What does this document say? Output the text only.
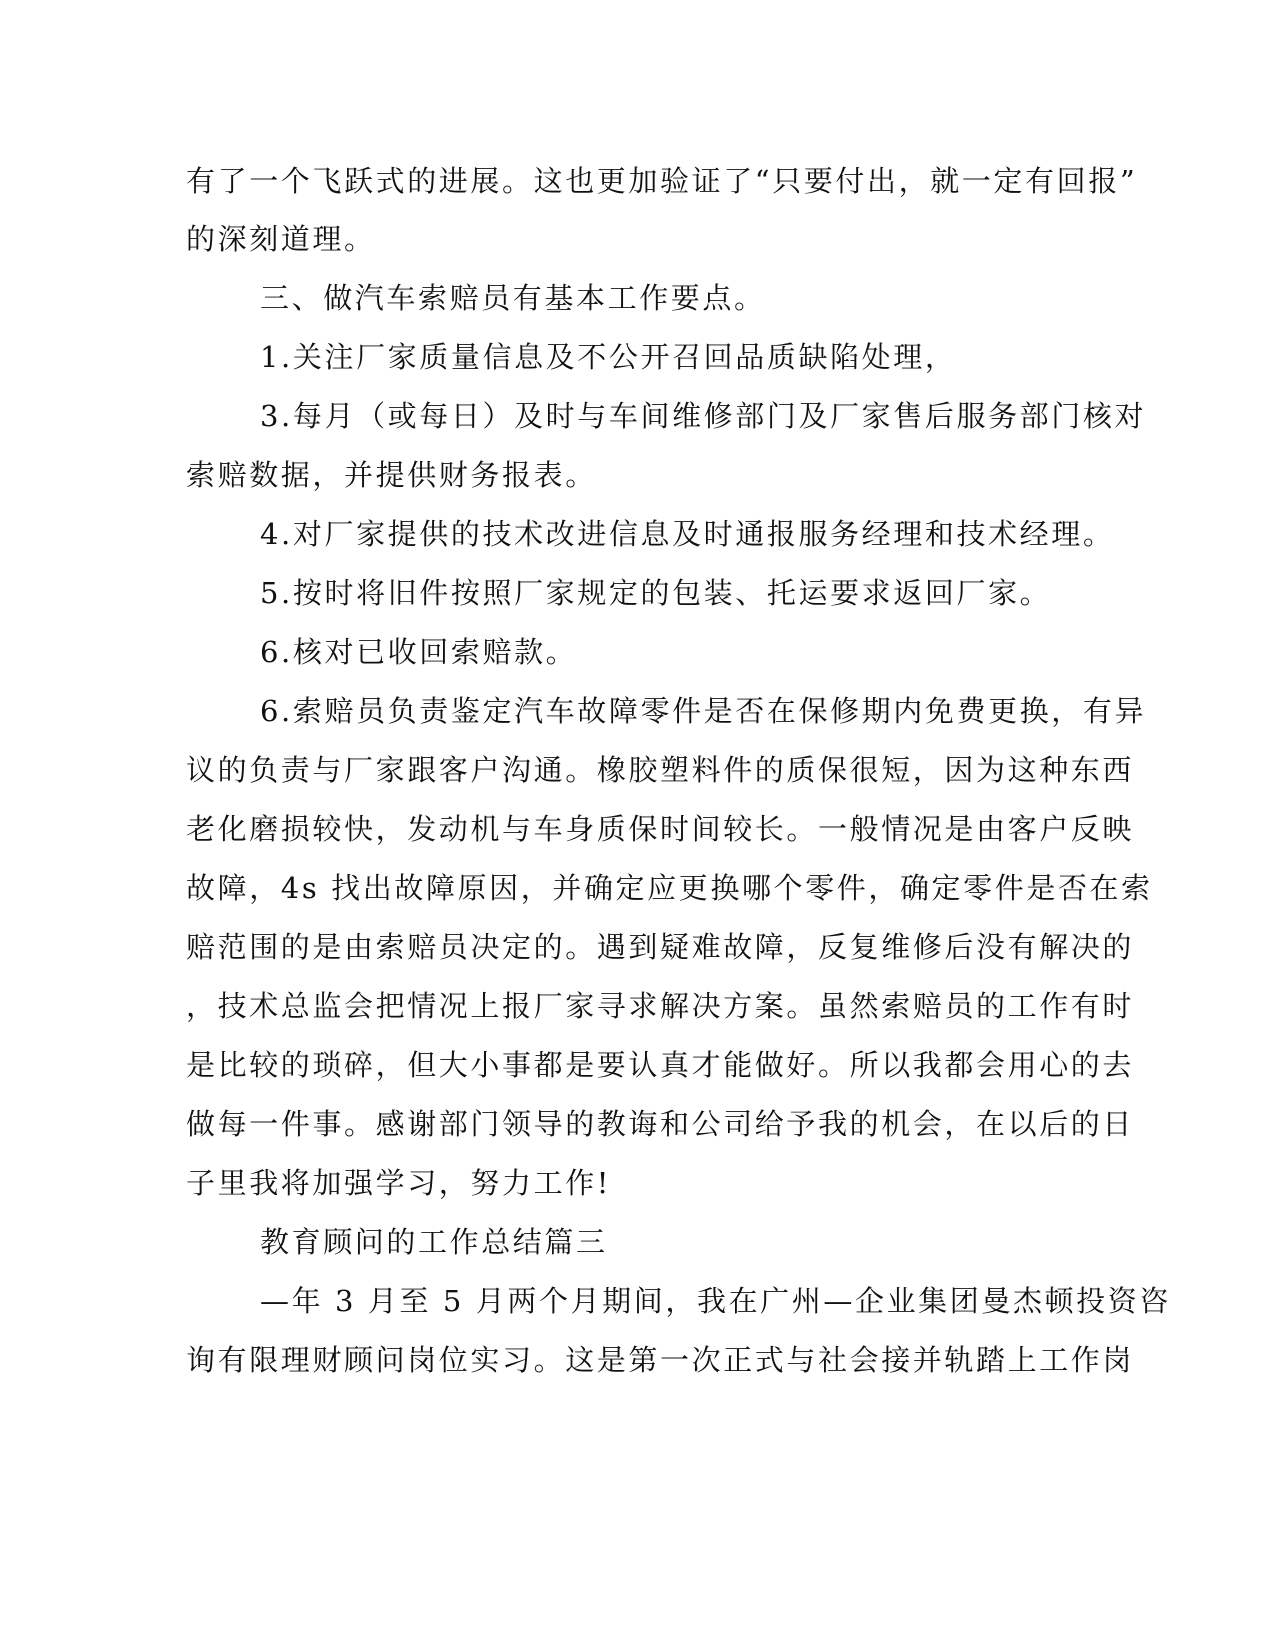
有了一个飞跃式的进展。这也更加验证了“只要付出，就一定有回报”
的深刻道理。
三、做汽车索赔员有基本工作要点。
1.关注厂家质量信息及不公开召回品质缺陷处理，
3.每月（或每日）及时与车间维修部门及厂家售后服务部门核对
索赔数据，并提供财务报表。
4.对厂家提供的技术改进信息及时通报服务经理和技术经理。
5.按时将旧件按照厂家规定的包装、托运要求返回厂家。
6.核对已收回索赔款。
6.索赔员负责鉴定汽车故障零件是否在保修期内免费更换，有异
议的负责与厂家跟客户沟通。橡胶塑料件的质保很短，因为这种东西
老化磨损较快，发动机与车身质保时间较长。一般情况是由客户反映
故障，4s 找出故障原因，并确定应更换哪个零件，确定零件是否在索
赔范围的是由索赔员决定的。遇到疑难故障，反复维修后没有解决的
，技术总监会把情况上报厂家寻求解决方案。虽然索赔员的工作有时
是比较的琐碎，但大小事都是要认真才能做好。所以我都会用心的去
做每一件事。感谢部门领导的教诲和公司给予我的机会，在以后的日
子里我将加强学习，努力工作!
教育顾问的工作总结篇三
—年 3 月至 5 月两个月期间，我在广州—企业集团曼杰顿投资咨
询有限理财顾问岗位实习。这是第一次正式与社会接并轨踏上工作岗
